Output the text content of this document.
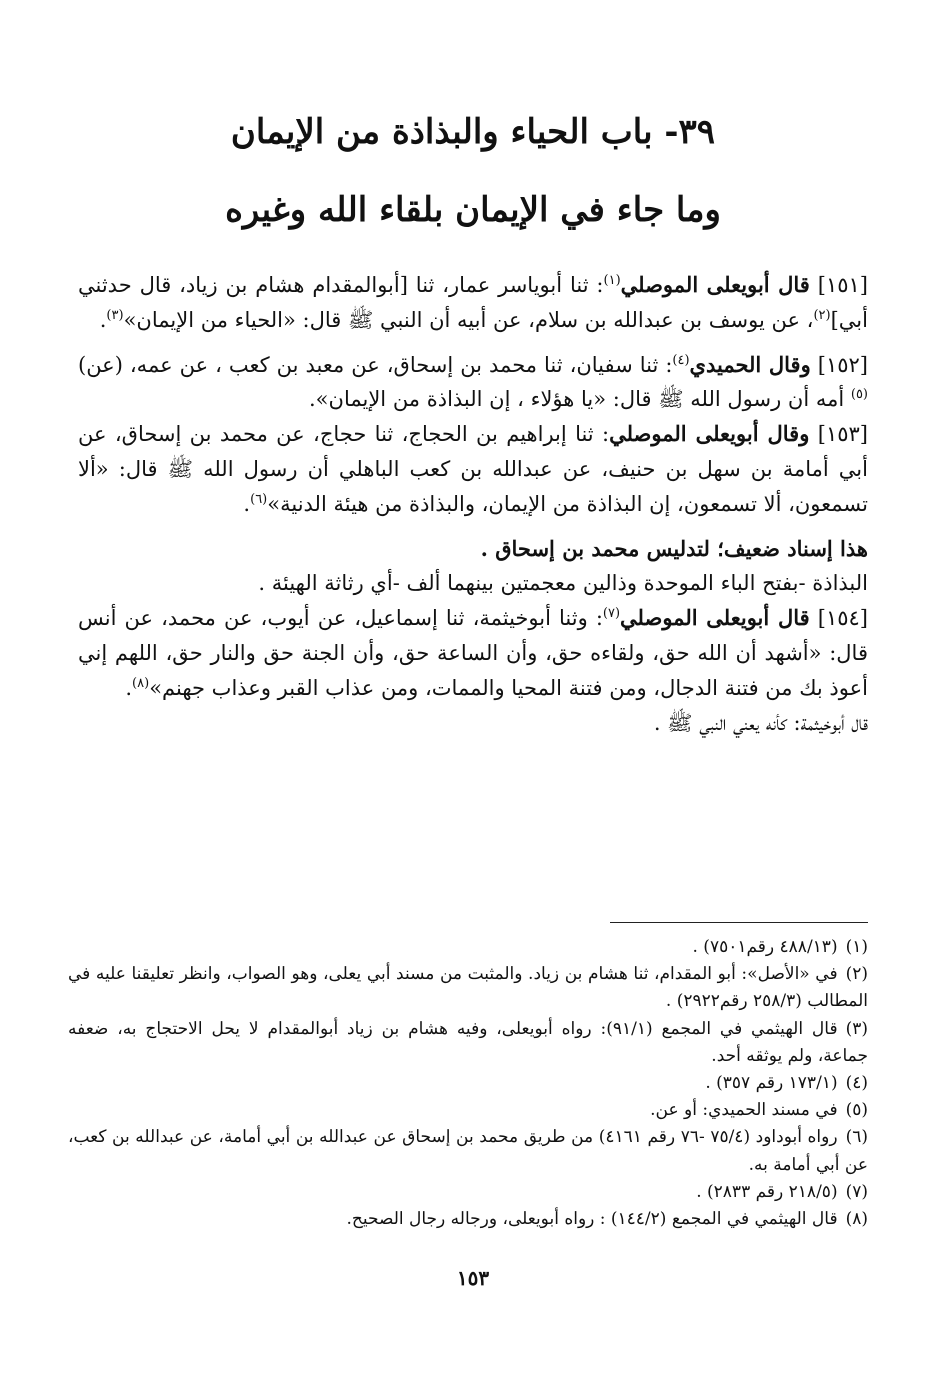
٣٩- باب الحياء والبذاذة من الإيمان
وما جاء في الإيمان بلقاء الله وغيره

[١٥١] قال أبويعلى الموصلي$^{(١)}$: ثنا أبوياسر عمار، ثنا [أبوالمقدام هشام بن زياد، قال حدثني أبي]$^{(٢)}$، عن يوسف بن عبدالله بن سلام، عن أبيه أن النبي ﷺ قال: «الحياء من الإيمان»$^{(٣)}$.

[١٥٢] وقال الحميدي$^{(٤)}$: ثنا سفيان، ثنا محمد بن إسحاق، عن معبد بن كعب ، عن عمه، (عن)$^{(٥)}$ أمه أن رسول الله ﷺ قال: «يا هؤلاء ، إن البذاذة من الإيمان».

[١٥٣] وقال أبويعلى الموصلي: ثنا إبراهيم بن الحجاج، ثنا حجاج، عن محمد بن إسحاق، عن أبي أمامة بن سهل بن حنيف، عن عبدالله بن كعب الباهلي أن رسول الله ﷺ قال: «ألا تسمعون، ألا تسمعون، إن البذاذة من الإيمان، والبذاذة من هيئة الدنية»$^{(٦)}$.

هذا إسناد ضعيف؛ لتدليس محمد بن إسحاق .

البذاذة -بفتح الباء الموحدة وذالين معجمتين بينهما ألف -أي رثاثة الهيئة .

[١٥٤] قال أبويعلى الموصلي$^{(٧)}$: وثنا أبوخيثمة، ثنا إسماعيل، عن أيوب، عن محمد، عن أنس قال: «أشهد أن الله حق، ولقاءه حق، وأن الساعة حق، وأن الجنة حق والنار حق، اللهم إني أعوذ بك من فتنة الدجال، ومن فتنة المحيا والممات، ومن عذاب القبر وعذاب جهنم»$^{(٨)}$.

قال أبوخيثمة: كأنه يعني النبي ﷺ .

(١)(٤٨٨/١٣ رقم٧٥٠١) .

(٢)في «الأصل»: أبو المقدام، ثنا هشام بن زياد. والمثبت من مسند أبي يعلى، وهو الصواب، وانظر تعليقنا عليه في المطالب (٢٥٨/٣ رقم٢٩٢٢) .

(٣)قال الهيثمي في المجمع (٩١/١): رواه أبويعلى، وفيه هشام بن زياد أبوالمقدام لا يحل الاحتجاج به، ضعفه جماعة، ولم يوثقه أحد.

(٤)(١٧٣/١ رقم ٣٥٧) .

(٥)في مسند الحميدي: أو عن.

(٦)رواه أبوداود (٧٥/٤ -٧٦ رقم ٤١٦١) من طريق محمد بن إسحاق عن عبدالله بن أبي أمامة، عن عبدالله بن كعب، عن أبي أمامة به.

(٧)(٢١٨/٥ رقم ٢٨٣٣) .

(٨)قال الهيثمي في المجمع (١٤٤/٢) : رواه أبويعلى، ورجاله رجال الصحيح.

١٥٣
